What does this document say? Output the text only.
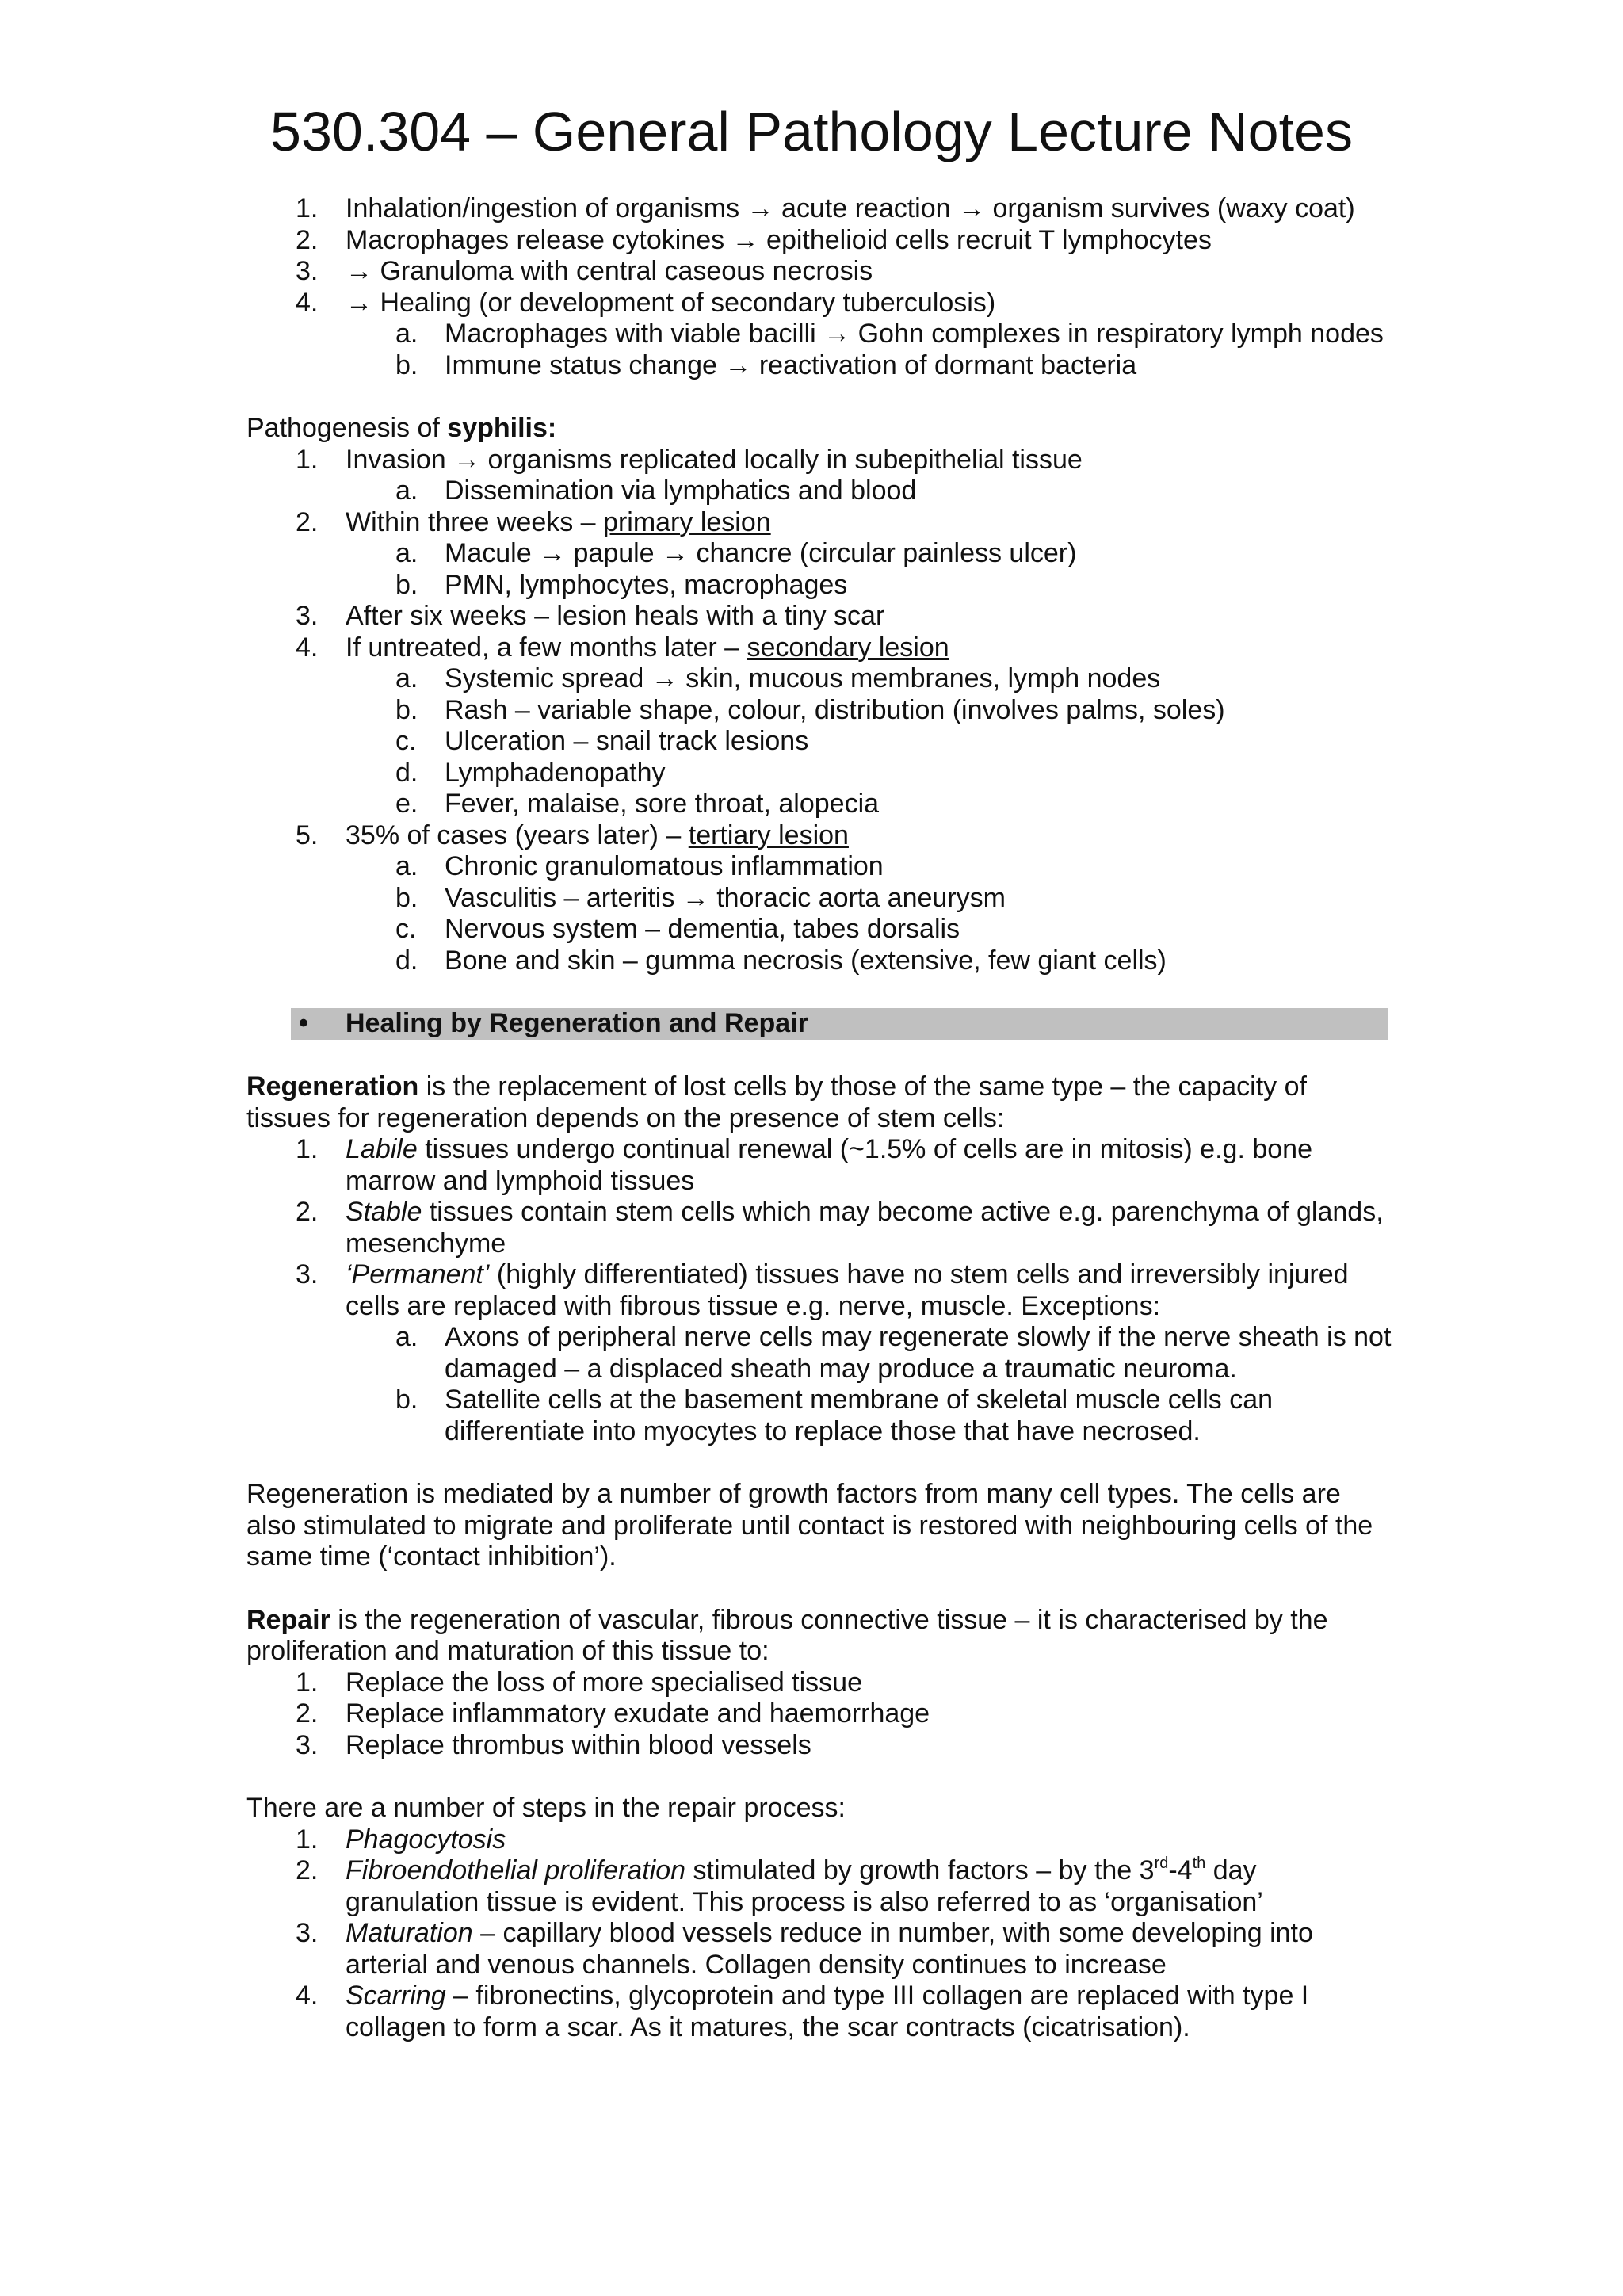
530.304 – General Pathology Lecture Notes
1.	Inhalation/ingestion of organisms → acute reaction → organism survives (waxy coat)
2.	Macrophages release cytokines → epithelioid cells recruit T lymphocytes
3.	→ Granuloma with central caseous necrosis
4.	→ Healing (or development of secondary tuberculosis)
a. Macrophages with viable bacilli → Gohn complexes in respiratory lymph nodes
b. Immune status change → reactivation of dormant bacteria
Pathogenesis of syphilis:
1.	Invasion → organisms replicated locally in subepithelial tissue
a. Dissemination via lymphatics and blood
2.	Within three weeks – primary lesion
a. Macule → papule → chancre (circular painless ulcer)
b. PMN, lymphocytes, macrophages
3.	After six weeks – lesion heals with a tiny scar
4.	If untreated, a few months later – secondary lesion
a. Systemic spread → skin, mucous membranes, lymph nodes
b. Rash – variable shape, colour, distribution (involves palms, soles)
c.	Ulceration – snail track lesions
d. Lymphadenopathy
e. Fever, malaise, sore throat, alopecia
5.	35% of cases (years later) – tertiary lesion
a. Chronic granulomatous inflammation
b. Vasculitis – arteritis → thoracic aorta aneurysm
c.	Nervous system – dementia, tabes dorsalis
d. Bone and skin – gumma necrosis (extensive, few giant cells)
• Healing by Regeneration and Repair
Regeneration is the replacement of lost cells by those of the same type – the capacity of tissues for regeneration depends on the presence of stem cells:
1.	Labile tissues undergo continual renewal (~1.5% of cells are in mitosis) e.g. bone marrow and lymphoid tissues
2.	Stable tissues contain stem cells which may become active e.g. parenchyma of glands, mesenchyme
3.	‘Permanent’ (highly differentiated) tissues have no stem cells and irreversibly injured cells are replaced with fibrous tissue e.g. nerve, muscle. Exceptions:
a. Axons of peripheral nerve cells may regenerate slowly if the nerve sheath is not damaged – a displaced sheath may produce a traumatic neuroma.
b. Satellite cells at the basement membrane of skeletal muscle cells can differentiate into myocytes to replace those that have necrosed.
Regeneration is mediated by a number of growth factors from many cell types. The cells are also stimulated to migrate and proliferate until contact is restored with neighbouring cells of the same time (‘contact inhibition’).
Repair is the regeneration of vascular, fibrous connective tissue – it is characterised by the proliferation and maturation of this tissue to:
1.	Replace the loss of more specialised tissue
2.	Replace inflammatory exudate and haemorrhage
3.	Replace thrombus within blood vessels
There are a number of steps in the repair process:
1.	Phagocytosis
2.	Fibroendothelial proliferation stimulated by growth factors – by the 3rd-4th day granulation tissue is evident. This process is also referred to as ‘organisation’
3.	Maturation – capillary blood vessels reduce in number, with some developing into arterial and venous channels. Collagen density continues to increase
4.	Scarring – fibronectins, glycoprotein and type III collagen are replaced with type I collagen to form a scar. As it matures, the scar contracts (cicatrisation).
